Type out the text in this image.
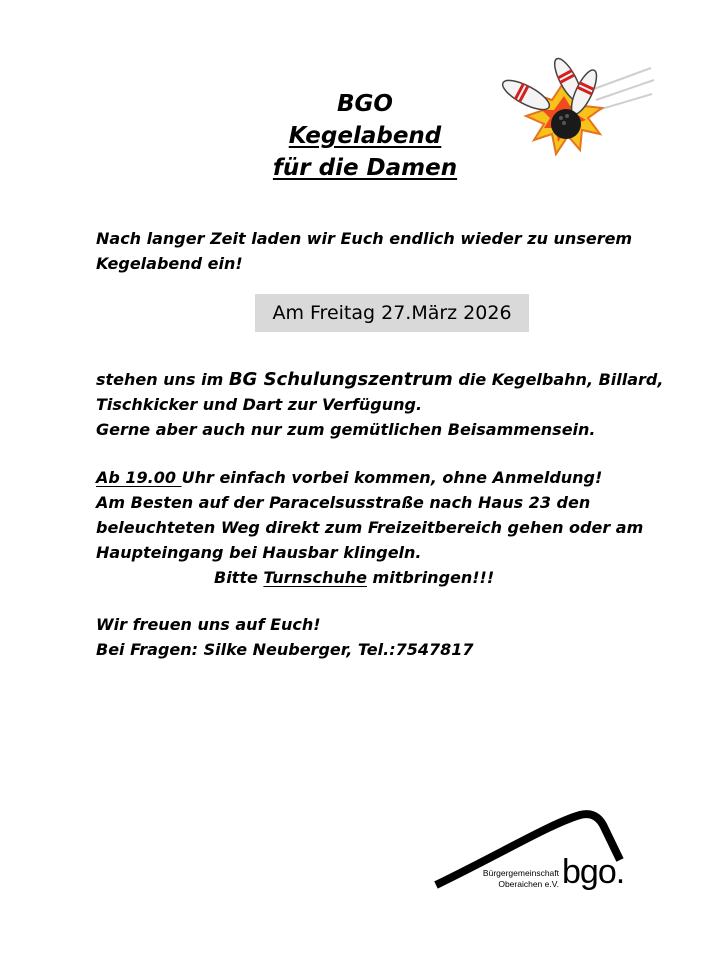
BGO
Kegelabend
für die Damen
Nach langer Zeit laden wir Euch endlich wieder zu unserem
Kegelabend ein!
Am Freitag 27.März 2026
stehen uns im BG Schulungszentrum die Kegelbahn, Billard,
Tischkicker und Dart zur Verfügung.
Gerne aber auch nur zum gemütlichen Beisammensein.
Ab 19.00 Uhr einfach vorbei kommen, ohne Anmeldung!
Am Besten auf der Paracelsusstraße nach Haus 23 den
beleuchteten Weg direkt zum Freizeitbereich gehen oder am
Haupteingang bei Hausbar klingeln.
Bitte Turnschuhe mitbringen!!!
Wir freuen uns auf Euch!
Bei Fragen: Silke Neuberger, Tel.:7547817
Bürgergemeinschaft
Oberaichen e.V. bgo.
